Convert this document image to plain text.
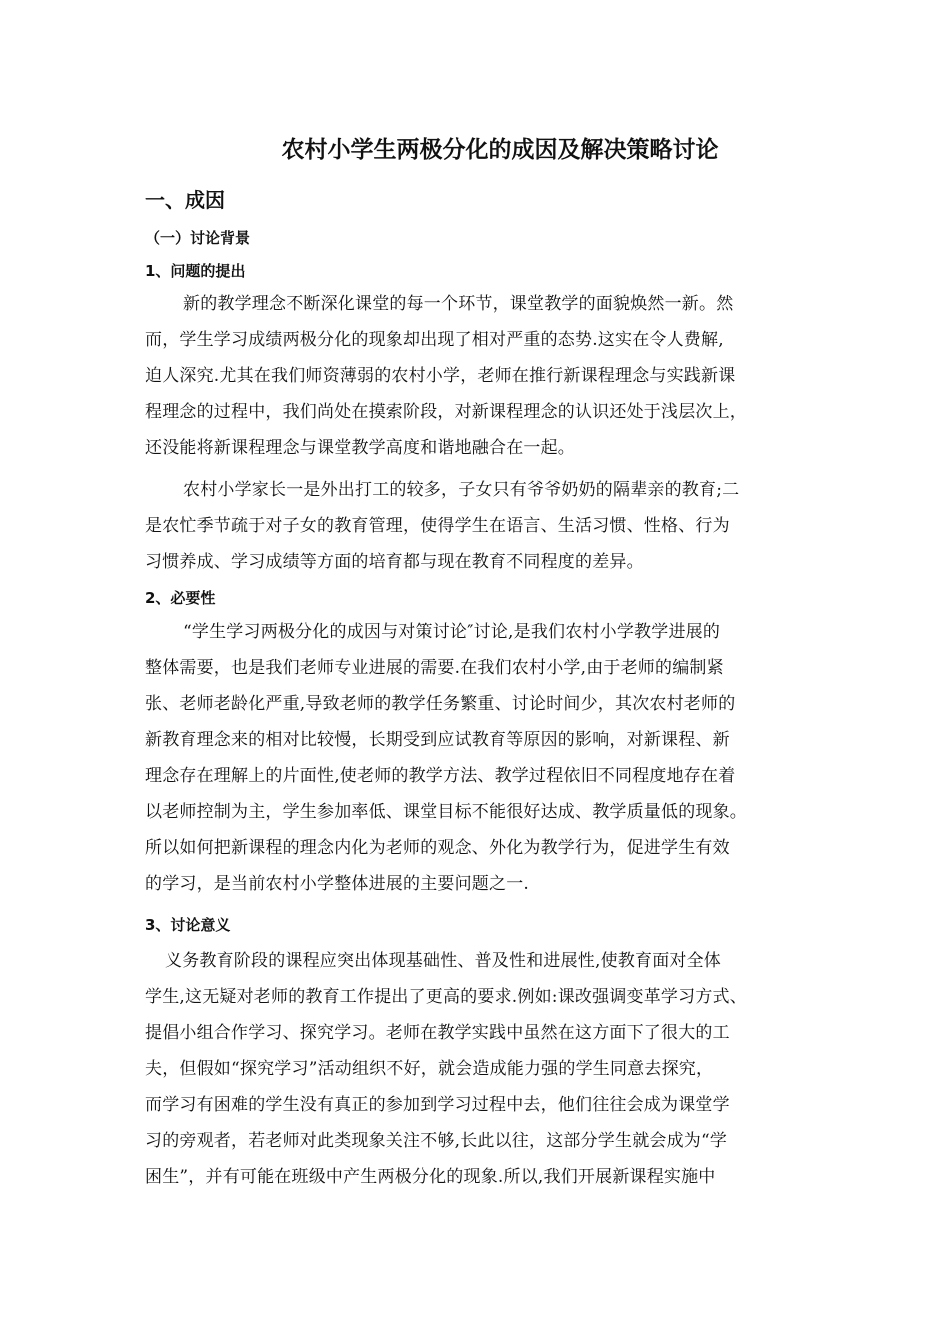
农村小学生两极分化的成因及解决策略讨论
一、成因
（一）讨论背景
1、问题的提出
新的教学理念不断深化课堂的每一个环节，课堂教学的面貌焕然一新。然
而，学生学习成绩两极分化的现象却出现了相对严重的态势.这实在令人费解,
迫人深究.尤其在我们师资薄弱的农村小学，老师在推行新课程理念与实践新课
程理念的过程中，我们尚处在摸索阶段，对新课程理念的认识还处于浅层次上，
还没能将新课程理念与课堂教学高度和谐地融合在一起。
农村小学家长一是外出打工的较多，子女只有爷爷奶奶的隔辈亲的教育;二
是农忙季节疏于对子女的教育管理，使得学生在语言、生活习惯、性格、行为
习惯养成、学习成绩等方面的培育都与现在教育不同程度的差异。
2、必要性
“学生学习两极分化的成因与对策讨论″讨论,是我们农村小学教学进展的
整体需要，也是我们老师专业进展的需要.在我们农村小学,由于老师的编制紧
张、老师老龄化严重,导致老师的教学任务繁重、讨论时间少，其次农村老师的
新教育理念来的相对比较慢，长期受到应试教育等原因的影响，对新课程、新
理念存在理解上的片面性,使老师的教学方法、教学过程依旧不同程度地存在着
以老师控制为主，学生参加率低、课堂目标不能很好达成、教学质量低的现象。
所以如何把新课程的理念内化为老师的观念、外化为教学行为，促进学生有效
的学习，是当前农村小学整体进展的主要问题之一.
3、讨论意义
义务教育阶段的课程应突出体现基础性、普及性和进展性,使教育面对全体
学生,这无疑对老师的教育工作提出了更高的要求.例如:课改强调变革学习方式、
提倡小组合作学习、探究学习。老师在教学实践中虽然在这方面下了很大的工
夫，但假如“探究学习”活动组织不好，就会造成能力强的学生同意去探究，
而学习有困难的学生没有真正的参加到学习过程中去，他们往往会成为课堂学
习的旁观者，若老师对此类现象关注不够,长此以往，这部分学生就会成为“学
困生”，并有可能在班级中产生两极分化的现象.所以,我们开展新课程实施中
